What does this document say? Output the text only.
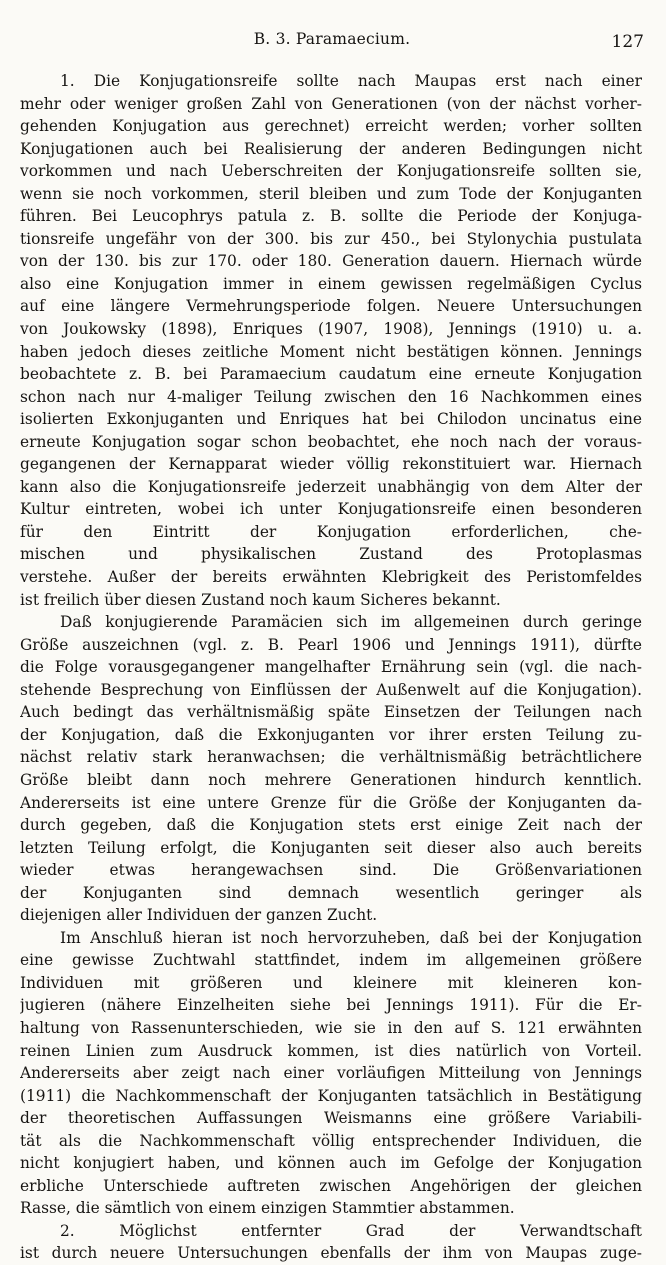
B. 3. Paramaecium.	127
1. Die Konjugationsreife sollte nach Maupas erst nach einer
mehr oder weniger großen Zahl von Generationen (von der nächst vorher-
gehenden Konjugation aus gerechnet) erreicht werden; vorher sollten
Konjugationen auch bei Realisierung der anderen Bedingungen nicht
vorkommen und nach Ueberschreiten der Konjugationsreife sollten sie,
wenn sie noch vorkommen, steril bleiben und zum Tode der Konjuganten
führen. Bei Leucophrys patula z. B. sollte die Periode der Konjuga-
tionsreife ungefähr von der 300. bis zur 450., bei Stylonychia pustulata
von der 130. bis zur 170. oder 180. Generation dauern. Hiernach würde
also eine Konjugation immer in einem gewissen regelmäßigen Cyclus
auf eine längere Vermehrungsperiode folgen. Neuere Untersuchungen
von Joukowsky (1898), Enriques (1907, 1908), Jennings (1910) u. a.
haben jedoch dieses zeitliche Moment nicht bestätigen können. Jennings
beobachtete z. B. bei Paramaecium caudatum eine erneute Konjugation
schon nach nur 4-maliger Teilung zwischen den 16 Nachkommen eines
isolierten Exkonjuganten und Enriques hat bei Chilodon uncinatus eine
erneute Konjugation sogar schon beobachtet, ehe noch nach der voraus-
gegangenen der Kernapparat wieder völlig rekonstituiert war. Hiernach
kann also die Konjugationsreife jederzeit unabhängig von dem Alter der
Kultur eintreten, wobei ich unter Konjugationsreife einen besonderen
für den Eintritt der Konjugation erforderlichen, che-
mischen und physikalischen Zustand des Protoplasmas
verstehe. Außer der bereits erwähnten Klebrigkeit des Peristomfeldes
ist freilich über diesen Zustand noch kaum Sicheres bekannt.
Daß konjugierende Paramäcien sich im allgemeinen durch geringe
Größe auszeichnen (vgl. z. B. Pearl 1906 und Jennings 1911), dürfte
die Folge vorausgegangener mangelhafter Ernährung sein (vgl. die nach-
stehende Besprechung von Einflüssen der Außenwelt auf die Konjugation).
Auch bedingt das verhältnismäßig späte Einsetzen der Teilungen nach
der Konjugation, daß die Exkonjuganten vor ihrer ersten Teilung zu-
nächst relativ stark heranwachsen; die verhältnismäßig beträchtlichere
Größe bleibt dann noch mehrere Generationen hindurch kenntlich.
Andererseits ist eine untere Grenze für die Größe der Konjuganten da-
durch gegeben, daß die Konjugation stets erst einige Zeit nach der
letzten Teilung erfolgt, die Konjuganten seit dieser also auch bereits
wieder etwas herangewachsen sind. Die Größenvariationen
der Konjuganten sind demnach wesentlich geringer als
diejenigen aller Individuen der ganzen Zucht.
Im Anschluß hieran ist noch hervorzuheben, daß bei der Konjugation
eine gewisse Zuchtwahl stattfindet, indem im allgemeinen größere
Individuen mit größeren und kleinere mit kleineren kon-
jugieren (nähere Einzelheiten siehe bei Jennings 1911). Für die Er-
haltung von Rassenunterschieden, wie sie in den auf S. 121 erwähnten
reinen Linien zum Ausdruck kommen, ist dies natürlich von Vorteil.
Andererseits aber zeigt nach einer vorläufigen Mitteilung von Jennings
(1911) die Nachkommenschaft der Konjuganten tatsächlich in Bestätigung
der theoretischen Auffassungen Weismanns eine größere Variabili-
tät als die Nachkommenschaft völlig entsprechender Individuen, die
nicht konjugiert haben, und können auch im Gefolge der Konjugation
erbliche Unterschiede auftreten zwischen Angehörigen der gleichen
Rasse, die sämtlich von einem einzigen Stammtier abstammen.
2. Möglichst entfernter Grad der Verwandtschaft
ist durch neuere Untersuchungen ebenfalls der ihm von Maupas zuge-
